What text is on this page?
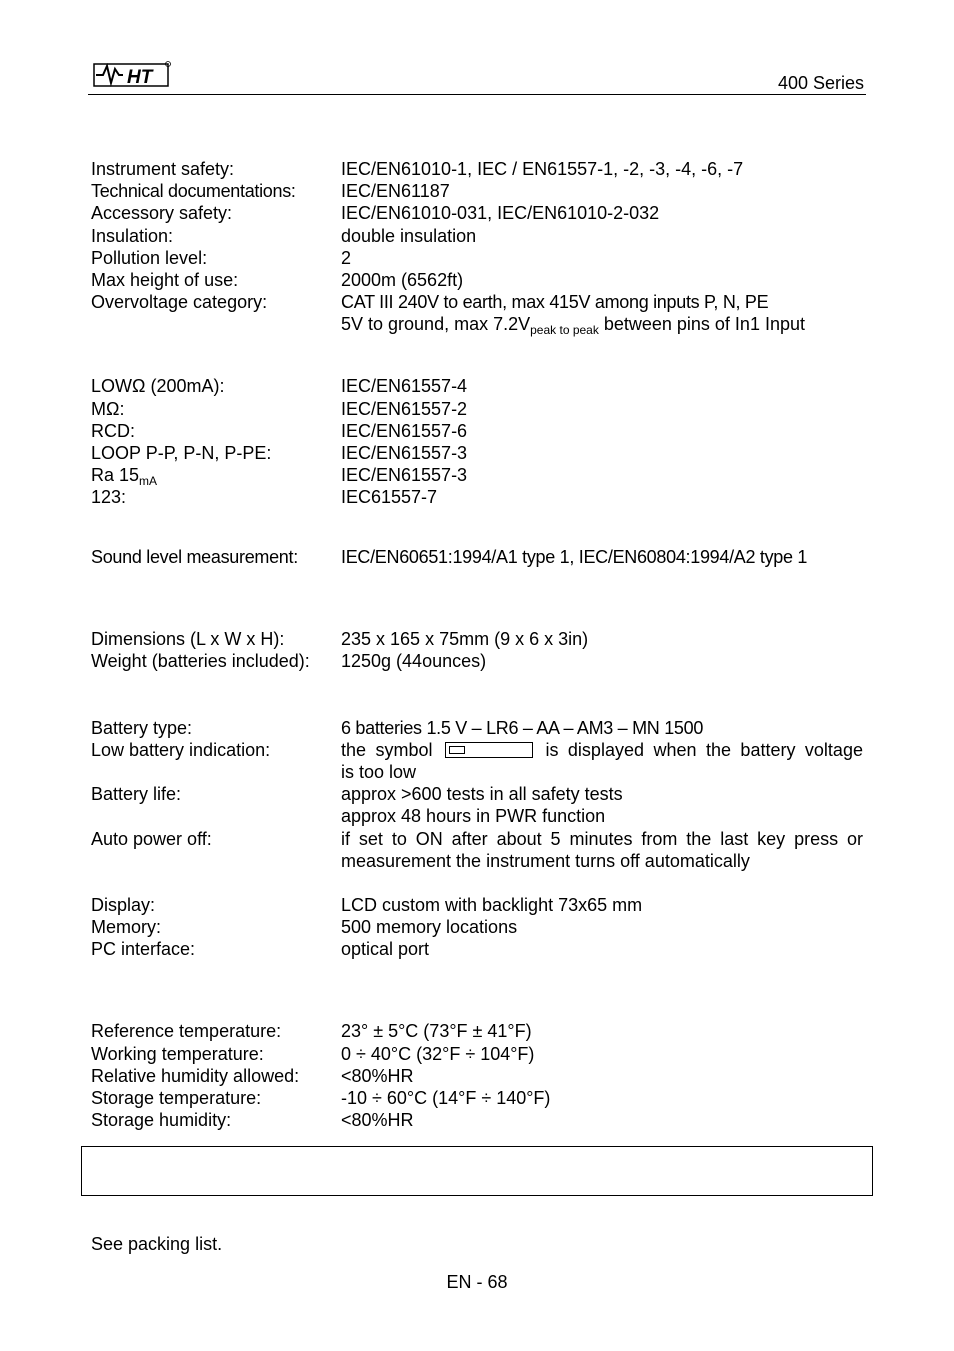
HT	400 Series
Instrument safety:	IEC/EN61010-1, IEC / EN61557-1, -2, -3, -4, -6, -7
Technical documentations:	IEC/EN61187
Accessory safety:	IEC/EN61010-031, IEC/EN61010-2-032
Insulation:	double insulation
Pollution level:	2
Max height of use:	2000m (6562ft)
Overvoltage category:	CAT III 240V to earth, max 415V among inputs P, N, PE
5V to ground, $\max 7.2V_{peak to peak}$ between pins of In1 Input
LOWΩ (200mA):	IEC/EN61557-4
MΩ:	IEC/EN61557-2
RCD:	IEC/EN61557-6
LOOP P-P, P-N, P-PE:	IEC/EN61557-3
Ra $15_{mA}$	IEC/EN61557-3
123:	IEC61557-7
Sound level measurement: IEC/EN60651:1994/A1 type 1, IEC/EN60804:1994/A2 type 1
Dimensions (L x W x H):	235 x 165 x 75mm (9 x 6 x 3in)
Weight (batteries included): 1250g (44ounces)
Battery type:	6 batteries 1.5 V – LR6 – AA – AM3 – MN 1500
Low battery indication:	the symbol	is displayed when the battery voltage
is too low
Battery life:	approx >600 tests in all safety tests
approx 48 hours in PWR function
Auto power off:	if set to ON after about 5 minutes from the last key press or
measurement the instrument turns off automatically
Display:	LCD custom with backlight 73x65 mm
Memory:	500 memory locations
PC interface:	optical port
Reference temperature:	23° ± 5°C (73°F ± 41°F)
Working temperature:	0 ÷ 40°C (32°F ÷ 104°F)
Relative humidity allowed: <80%HR
Storage temperature:	-10 ÷ 60°C (14°F ÷ 140°F)
Storage humidity:	<80%HR
See packing list.
EN - 68
